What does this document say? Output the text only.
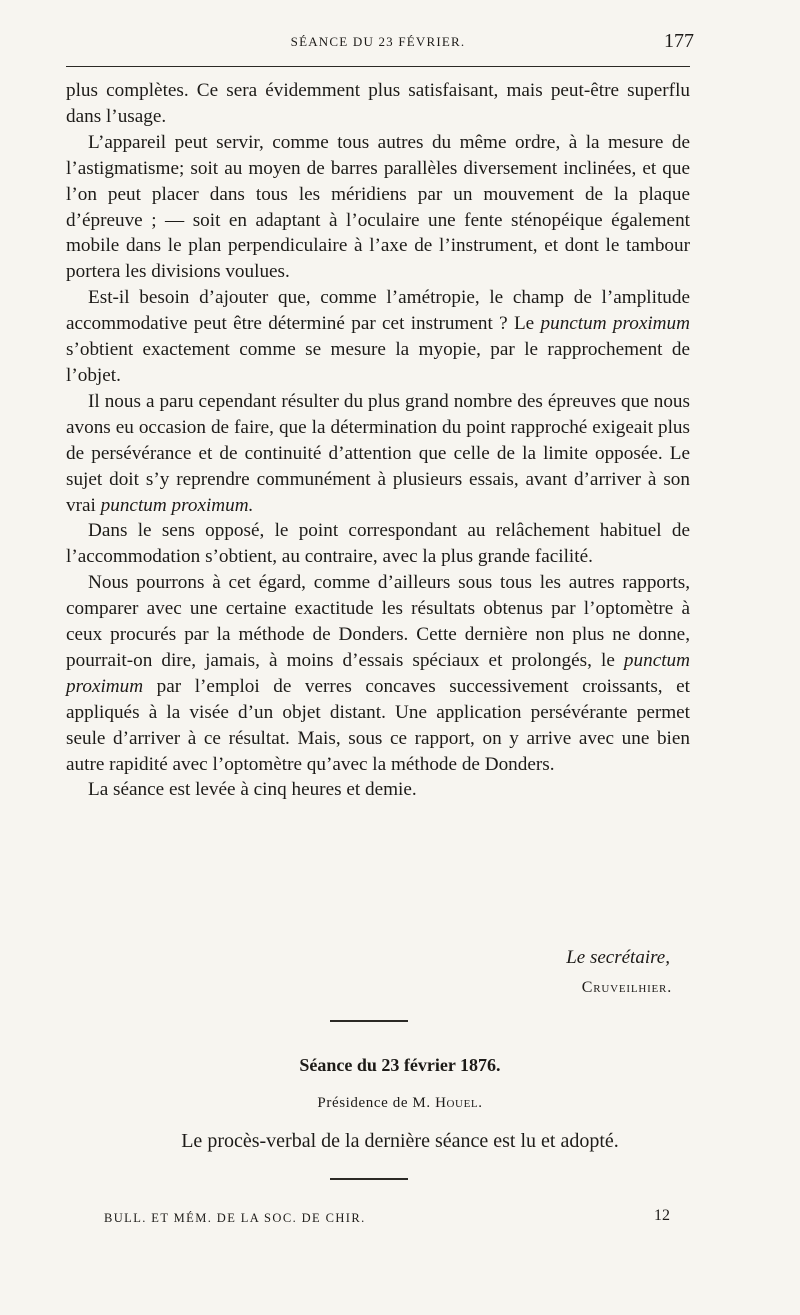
SÉANCE DU 23 FÉVRIER.	177

plus complètes. Ce sera évidemment plus satisfaisant, mais peut-être superflu dans l’usage.

L’appareil peut servir, comme tous autres du même ordre, à la mesure de l’astigmatisme; soit au moyen de barres parallèles diversement inclinées, et que l’on peut placer dans tous les méridiens par un mouvement de la plaque d’épreuve ; — soit en adaptant à l’oculaire une fente sténopéique également mobile dans le plan perpendiculaire à l’axe de l’instrument, et dont le tambour portera les divisions voulues.

Est-il besoin d’ajouter que, comme l’amétropie, le champ de l’amplitude accommodative peut être déterminé par cet instrument ? Le punctum proximum s’obtient exactement comme se mesure la myopie, par le rapprochement de l’objet.

Il nous a paru cependant résulter du plus grand nombre des épreuves que nous avons eu occasion de faire, que la détermination du point rapproché exigeait plus de persévérance et de continuité d’attention que celle de la limite opposée. Le sujet doit s’y reprendre communément à plusieurs essais, avant d’arriver à son vrai punctum proximum.

Dans le sens opposé, le point correspondant au relâchement habituel de l’accommodation s’obtient, au contraire, avec la plus grande facilité.

Nous pourrons à cet égard, comme d’ailleurs sous tous les autres rapports, comparer avec une certaine exactitude les résultats obtenus par l’optomètre à ceux procurés par la méthode de Donders. Cette dernière non plus ne donne, pourrait-on dire, jamais, à moins d’essais spéciaux et prolongés, le punctum proximum par l’emploi de verres concaves successivement croissants, et appliqués à la visée d’un objet distant. Une application persévérante permet seule d’arriver à ce résultat. Mais, sous ce rapport, on y arrive avec une bien autre rapidité avec l’optomètre qu’avec la méthode de Donders.

La séance est levée à cinq heures et demie.

Le secrétaire,
Cruveilhier.
Séance du 23 février 1876.
Présidence de M. Houel.
Le procès-verbal de la dernière séance est lu et adopté.
BULL. ET MÉM. DE LA SOC. DE CHIR.	12
